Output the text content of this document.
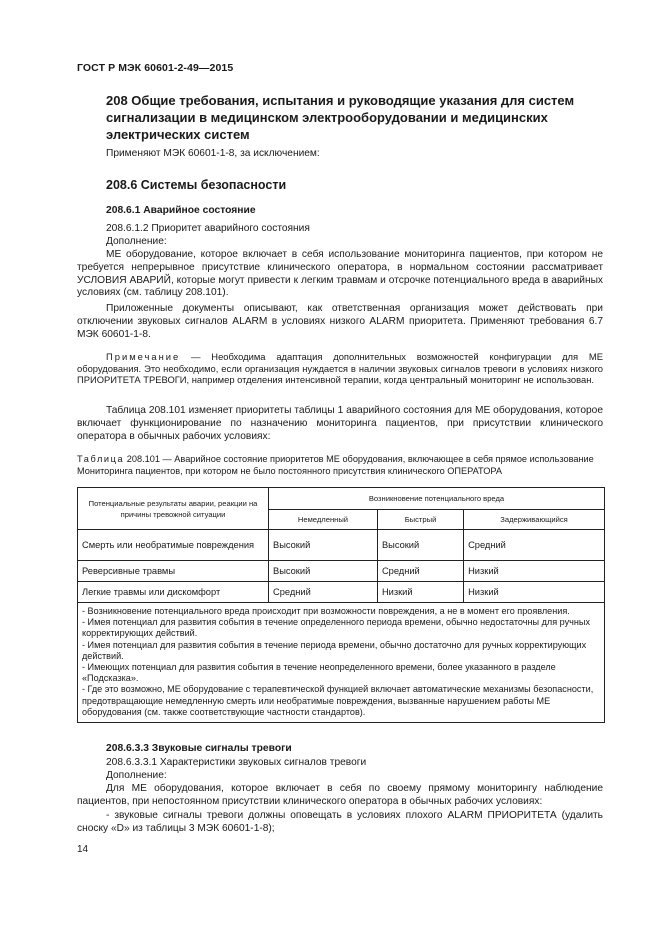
ГОСТ Р МЭК 60601-2-49—2015
208 Общие требования, испытания и руководящие указания для систем сигнализации в медицинском электрооборудовании и медицинских электрических систем
Применяют МЭК 60601-1-8, за исключением:
208.6 Системы безопасности
208.6.1 Аварийное состояние
208.6.1.2 Приоритет аварийного состояния
Дополнение:
МЕ оборудование, которое включает в себя использование мониторинга пациентов, при котором не требуется непрерывное присутствие клинического оператора, в нормальном состоянии рассматривает УСЛОВИЯ АВАРИЙ, которые могут привести к легким травмам и отсрочке потенциального вреда в аварийных условиях (см. таблицу 208.101).
Приложенные документы описывают, как ответственная организация может действовать при отключении звуковых сигналов ALARM в условиях низкого ALARM приоритета. Применяют требования 6.7 МЭК 60601-1-8.
Примечание — Необходима адаптация дополнительных возможностей конфигурации для МЕ оборудования. Это необходимо, если организация нуждается в наличии звуковых сигналов тревоги в условиях низкого ПРИОРИТЕТА ТРЕВОГИ, например отделения интенсивной терапии, когда центральный мониторинг не использован.
Таблица 208.101 изменяет приоритеты таблицы 1 аварийного состояния для МЕ оборудования, которое включает функционирование по назначению мониторинга пациентов, при присутствии клинического оператора в обычных рабочих условиях:
Таблица 208.101 — Аварийное состояние приоритетов МЕ оборудования, включающее в себя прямое использование Мониторинга пациентов, при котором не было постоянного присутствия клинического ОПЕРАТОРА
Потенциальные результаты аварии, реакции на причины тревожной ситуации	Возникновение потенциального вреда		
	Немедленный	Быстрый	Задерживающийся
Смерть или необратимые повреждения	Высокий	Высокий	Средний
Реверсивные травмы	Высокий	Средний	Низкий
Легкие травмы или дискомфорт	Средний	Низкий	Низкий

- Возникновение потенциального вреда происходит при возможности повреждения, а не в момент его проявления.
- Имея потенциал для развития события в течение определенного периода времени, обычно недостаточны для ручных корректирующих действий.
- Имея потенциал для развития события в течение периода времени, обычно достаточно для ручных корректирующих действий.
- Имеющих потенциал для развития события в течение неопределенного времени, более указанного в разделе «Подсказка».
- Где это возможно, МЕ оборудование с терапевтической функцией включает автоматические механизмы безопасности, предотвращающие немедленную смерть или необратимые повреждения, вызванные нарушением работы МЕ оборудования (см. также соответствующие частности стандартов).			
208.6.3.3 Звуковые сигналы тревоги
208.6.3.3.1 Характеристики звуковых сигналов тревоги
Дополнение:
Для МЕ оборудования, которое включает в себя по своему прямому мониторингу наблюдение пациентов, при непостоянном присутствии клинического оператора в обычных рабочих условиях:
- звуковые сигналы тревоги должны оповещать в условиях плохого ALARM ПРИОРИТЕТА (удалить сноску «D» из таблицы 3 МЭК 60601-1-8);
14
